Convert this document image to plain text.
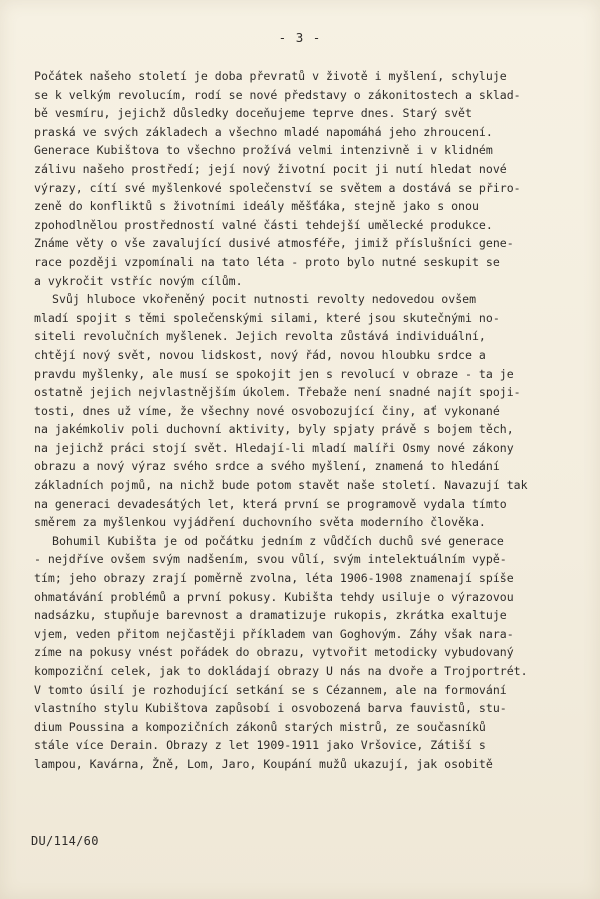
- 3 -
Počátek našeho století je doba převratů v životě i myšlení, schyluje
se k velkým revolucím, rodí se nové představy o zákonitostech a sklad-
bě vesmíru, jejichž důsledky doceňujeme teprve dnes. Starý svět
praská ve svých základech a všechno mladé napomáhá jeho zhroucení.
Generace Kubištova to všechno prožívá velmi intenzivně i v klidném
zálivu našeho prostředí; její nový životní pocit ji nutí hledat nové
výrazy, cítí své myšlenkové společenství se světem a dostává se přiro-
zeně do konfliktů s životními ideály měšťáka, stejně jako s onou
zpohodlnělou prostředností valné části tehdejší umělecké produkce.
Známe věty o vše zavalující dusivé atmosféře, jimiž příslušníci gene-
race později vzpomínali na tato léta - proto bylo nutné seskupit se
a vykročit vstříc novým cílům.
Svůj hluboce vkořeněný pocit nutnosti revolty nedovedou ovšem
mladí spojit s těmi společenskými silami, které jsou skutečnými no-
siteli revolučních myšlenek. Jejich revolta zůstává individuální,
chtějí nový svět, novou lidskost, nový řád, novou hloubku srdce a
pravdu myšlenky, ale musí se spokojit jen s revolucí v obraze - ta je
ostatně jejich nejvlastnějším úkolem. Třebaže není snadné najít spoji-
tosti, dnes už víme, že všechny nové osvobozující činy, ať vykonané
na jakémkoliv poli duchovní aktivity, byly spjaty právě s bojem těch,
na jejichž práci stojí svět. Hledají-li mladí malíři Osmy nové zákony
obrazu a nový výraz svého srdce a svého myšlení, znamená to hledání
základních pojmů, na nichž bude potom stavět naše století. Navazují tak
na generaci devadesátých let, která první se programově vydala tímto
směrem za myšlenkou vyjádření duchovního světa moderního člověka.
Bohumil Kubišta je od počátku jedním z vůdčích duchů své generace
- nejdříve ovšem svým nadšením, svou vůlí, svým intelektuálním vypě-
tím; jeho obrazy zrají poměrně zvolna, léta 1906-1908 znamenají spíše
ohmatávání problémů a první pokusy. Kubišta tehdy usiluje o výrazovou
nadsázku, stupňuje barevnost a dramatizuje rukopis, zkrátka exaltuje
vjem, veden přitom nejčastěji příkladem van Goghovým. Záhy však nara-
zíme na pokusy vnést pořádek do obrazu, vytvořit metodicky vybudovaný
kompoziční celek, jak to dokládají obrazy U nás na dvoře a Trojportrét.
V tomto úsilí je rozhodující setkání se s Cézannem, ale na formování
vlastního stylu Kubištova zapůsobí i osvobozená barva fauvistů, stu-
dium Poussina a kompozičních zákonů starých mistrů, ze současníků
stále více Derain. Obrazy z let 1909-1911 jako Vršovice, Zátiší s
lampou, Kavárna, Žně, Lom, Jaro, Koupání mužů ukazují, jak osobitě
DU/114/60
